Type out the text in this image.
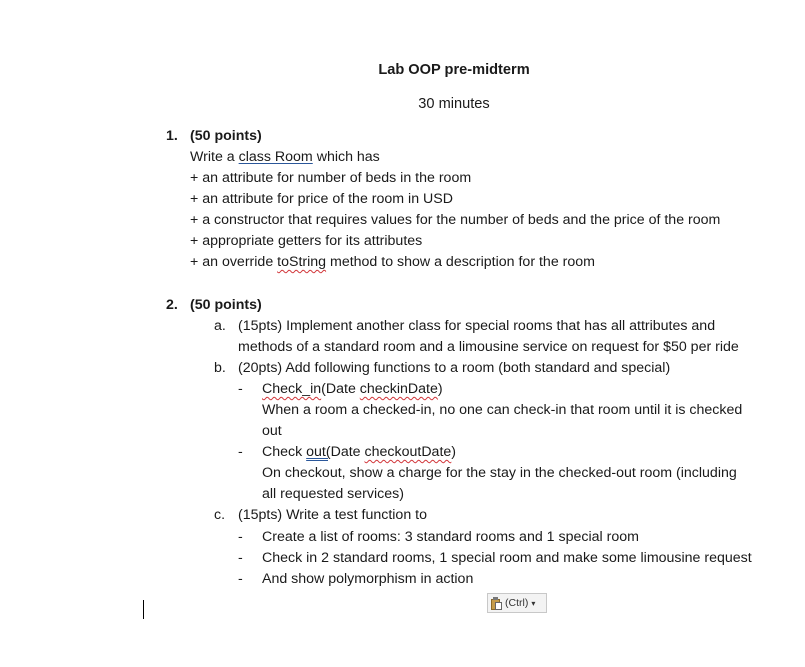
Lab OOP pre-midterm
30 minutes
1. (50 points)
Write a class Room which has
+ an attribute for number of beds in the room
+ an attribute for price of the room in USD
+ a constructor that requires values for the number of beds and the price of the room
+ appropriate getters for its attributes
+ an override toString method to show a description for the room
2. (50 points)
a. (15pts) Implement another class for special rooms that has all attributes and
methods of a standard room and a limousine service on request for $50 per ride
b. (20pts) Add following functions to a room (both standard and special)
- Check_in(Date checkinDate)
When a room a checked-in, no one can check-in that room until it is checked
out
- Check out(Date checkoutDate)
On checkout, show a charge for the stay in the checked-out room (including
all requested services)
c. (15pts) Write a test function to
- Create a list of rooms: 3 standard rooms and 1 special room
- Check in 2 standard rooms, 1 special room and make some limousine request
- And show polymorphism in action
(Ctrl) ▾
